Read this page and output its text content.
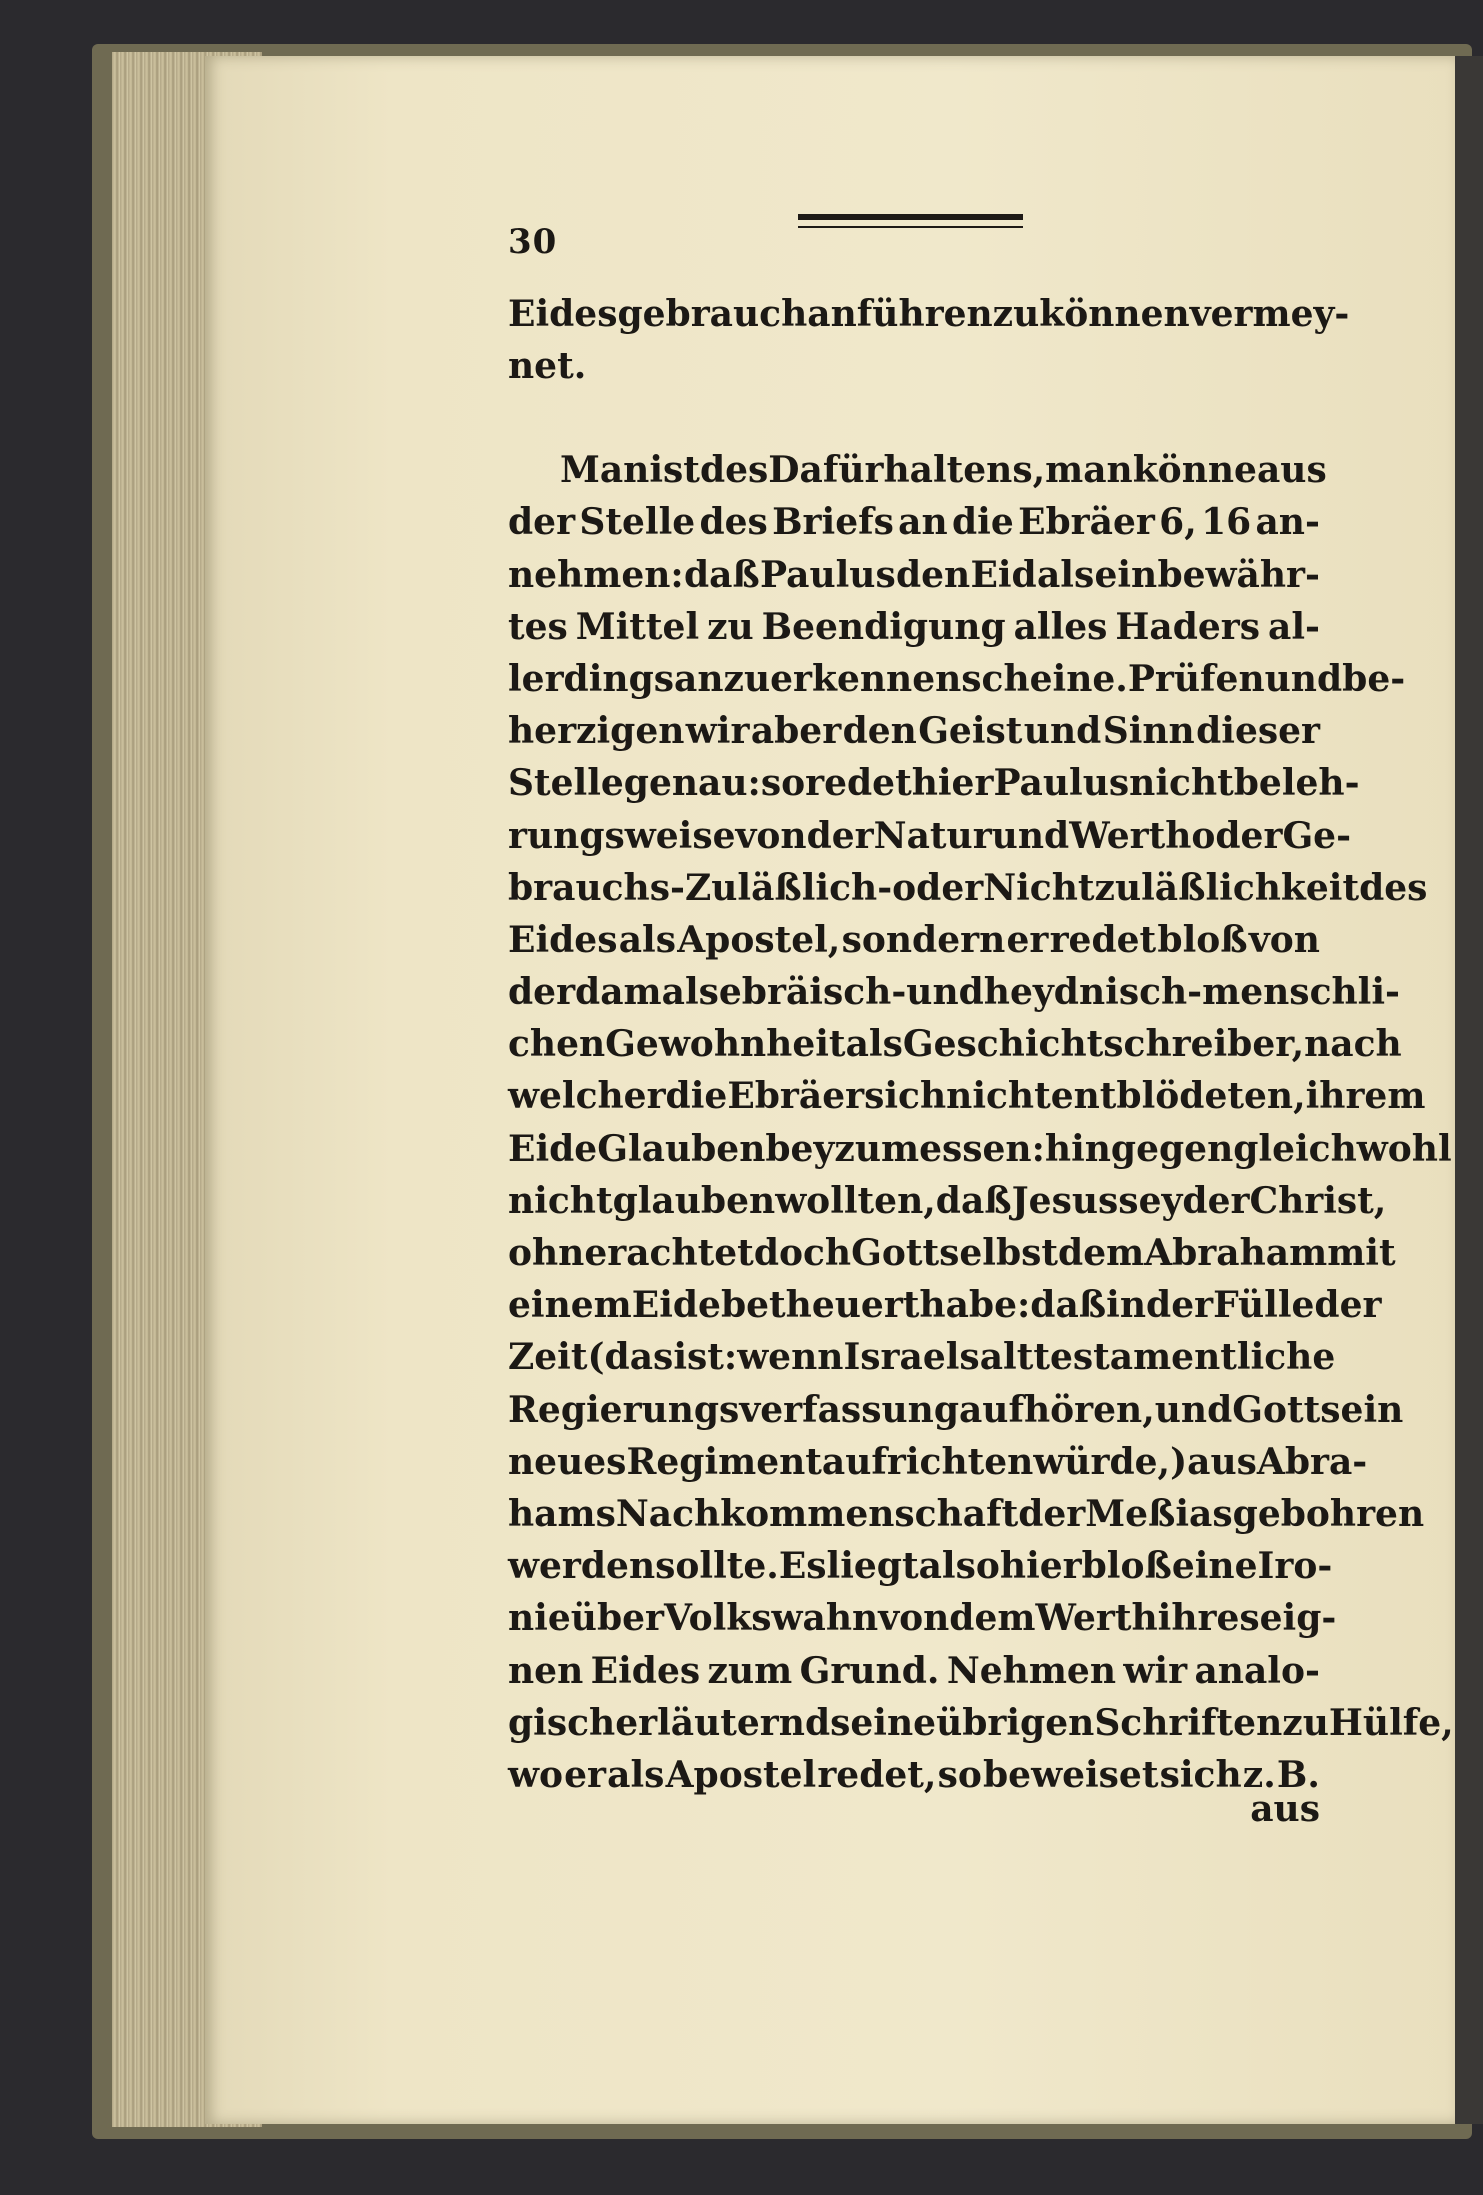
30
Eidesgebrauch anführen zu können vermey-
net.
Man ist des Dafürhaltens, man könne aus
der Stelle des Briefs an die Ebräer 6, 16 an-
nehmen: daß Paulus den Eid als ein bewähr-
tes Mittel zu Beendigung alles Haders al-
lerdings anzuerkennen scheine. Prüfen und be-
herzigen wir aber den Geist und Sinn dieser
Stelle genau: so redet hier Paulus nicht beleh-
rungsweise von der Natur und Werth oder Ge-
brauchs-Zuläßlich- oder Nichtzuläßlichkeit des
Eides als Apostel, sondern er redet bloß von
der damals ebräisch- und heydnisch- menschli-
chen Gewohnheit als Geschichtschreiber, nach
welcher die Ebräer sich nicht entblödeten, ihrem
Eide Glauben beyzumessen: hingegen gleichwohl
nicht glauben wollten, daß Jesus sey der Christ,
ohnerachtet doch Gott selbst dem Abraham mit
einem Eide betheuert habe: daß in der Fülle der
Zeit (das ist: wenn Israels alttestamentliche
Regierungsverfassung aufhören, und Gott sein
neues Regiment aufrichten würde,) aus Abra-
hams Nachkommenschaft der Meßias gebohren
werden sollte. Es liegt also hier bloß eine Iro-
nie über Volkswahn von dem Werth ihres eig-
nen Eides zum Grund. Nehmen wir analo-
gisch erläuternd seine übrigen Schriften zu Hülfe,
wo er als Apostel redet, so beweiset sich z. B.
aus
